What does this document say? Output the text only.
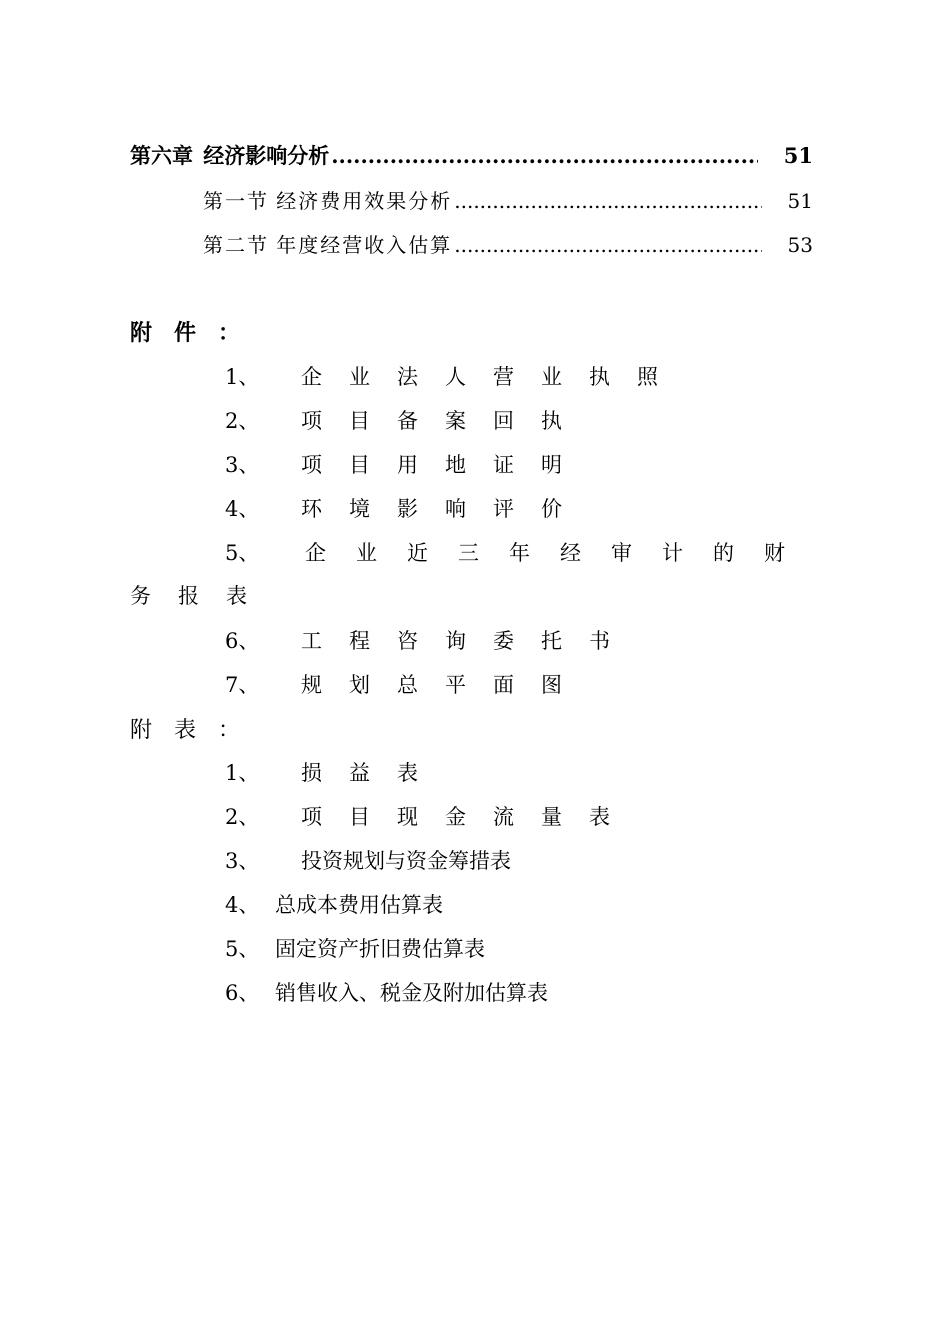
第六章 经济影响分析 .....	51
第一节 经济费用效果分析 .....	51
第二节 年度经营收入估算 .....	53
附　件　：
1、 企业法人营业执照
2、 项目备案回执
3、 项目用地证明
4、 环境影响评价
5、 企业近三年经审计的财
务报表
6、 工程咨询委托书
7、 规划总平面图
附　表　：
1、 损益表
2、 项目现金流量表
3、 投资规划与资金筹措表
4、 总成本费用估算表
5、 固定资产折旧费估算表
6、 销售收入、税金及附加估算表
